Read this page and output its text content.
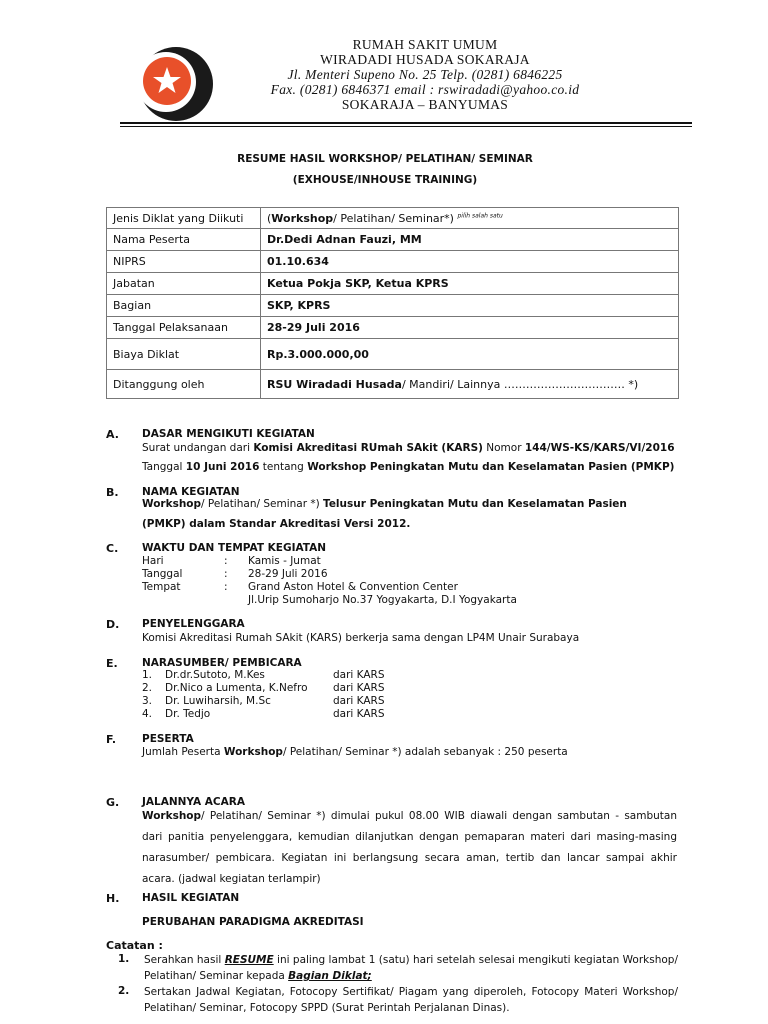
RUMAH SAKIT UMUM
WIRADADI HUSADA SOKARAJA
Jl. Menteri Supeno No. 25 Telp. (0281) 6846225
Fax. (0281) 6846371 email : rswiradadi@yahoo.co.id
SOKARAJA – BANYUMAS
RESUME HASIL WORKSHOP/ PELATIHAN/ SEMINAR
(EXHOUSE/INHOUSE TRAINING)
Jenis Diklat yang Diikuti	(Workshop/ Pelatihan/ Seminar*) $^{pilih salah satu}$
Nama Peserta	Dr.Dedi Adnan Fauzi, MM
NIPRS	01.10.634
Jabatan	Ketua Pokja SKP, Ketua KPRS
Bagian	SKP, KPRS
Tanggal Pelaksanaan	28-29 Juli 2016
Biaya Diklat	Rp.3.000.000,00
Ditanggung oleh	RSU Wiradadi Husada/ Mandiri/ Lainnya …………………………… *)
A.	DASAR MENGIKUTI KEGIATAN
Surat undangan dari Komisi Akreditasi RUmah SAkit (KARS) Nomor 144/WS-KS/KARS/VI/2016
Tanggal 10 Juni 2016 tentang Workshop Peningkatan Mutu dan Keselamatan Pasien (PMKP)
B.	NAMA KEGIATAN
Workshop/ Pelatihan/ Seminar *) Telusur Peningkatan Mutu dan Keselamatan Pasien
(PMKP) dalam Standar Akreditasi Versi 2012.
C.	WAKTU DAN TEMPAT KEGIATAN
Hari	: Kamis - Jumat
Tanggal	: 28-29 Juli 2016
Tempat	: Grand Aston Hotel & Convention Center
Jl.Urip Sumoharjo No.37 Yogyakarta, D.I Yogyakarta
D.	PENYELENGGARA
Komisi Akreditasi Rumah SAkit (KARS) berkerja sama dengan LP4M Unair Surabaya
E.	NARASUMBER/ PEMBICARA
1. Dr.dr.Sutoto, M.Kes	dari KARS
2. Dr.Nico a Lumenta, K.Nefro dari KARS
3. Dr. Luwiharsih, M.Sc	dari KARS
4. Dr. Tedjo	dari KARS
F.	PESERTA
Jumlah Peserta Workshop/ Pelatihan/ Seminar *) adalah sebanyak : 250 peserta
G.	JALANNYA ACARA
Workshop/ Pelatihan/ Seminar *) dimulai pukul 08.00 WIB diawali dengan sambutan - sambutan dari panitia penyelenggara, kemudian dilanjutkan dengan pemaparan materi dari masing-masing narasumber/ pembicara. Kegiatan ini berlangsung secara aman, tertib dan lancar sampai akhir acara. (jadwal kegiatan terlampir)
H.	HASIL KEGIATAN
PERUBAHAN PARADIGMA AKREDITASI
Catatan :
1. Serahkan hasil RESUME ini paling lambat 1 (satu) hari setelah selesai mengikuti kegiatan Workshop/ Pelatihan/ Seminar kepada Bagian Diklat;
2. Sertakan Jadwal Kegiatan, Fotocopy Sertifikat/ Piagam yang diperoleh, Fotocopy Materi Workshop/ Pelatihan/ Seminar, Fotocopy SPPD (Surat Perintah Perjalanan Dinas).
